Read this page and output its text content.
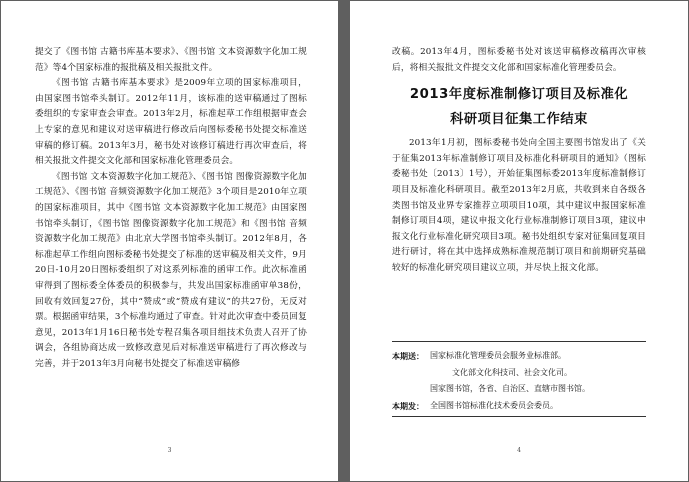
提交了《图书馆 古籍书库基本要求》、《图书馆 文本资源数字化加工规范》等4个国家标准的报批稿及相关报批文件。

《图书馆 古籍书库基本要求》是2009年立项的国家标准项目，由国家图书馆牵头制订。2012年11月，该标准的送审稿通过了图标委组织的专家审查会审查。2013年2月，标准起草工作组根据审查会上专家的意见和建议对送审稿进行修改后向图标委秘书处提交标准送审稿的修订稿。2013年3月，秘书处对该修订稿进行再次审查后，将相关报批文件提交文化部和国家标准化管理委员会。

《图书馆 文本资源数字化加工规范》、《图书馆 图像资源数字化加工规范》、《图书馆 音频资源数字化加工规范》3个项目是2010年立项的国家标准项目，其中《图书馆 文本资源数字化加工规范》由国家图书馆牵头制订，《图书馆 图像资源数字化加工规范》和《图书馆 音频资源数字化加工规范》由北京大学图书馆牵头制订。2012年8月，各标准起草工作组向图标委秘书处提交了标准的送审稿及相关文件，9月20日-10月20日图标委组织了对这系列标准的函审工作。此次标准函审得到了图标委全体委员的积极参与，共发出国家标准函审单38份，回收有效回复27份，其中“赞成”或“赞成有建议”的共27份，无反对票。根据函审结果，3个标准均通过了审查。针对此次审查中委员回复意见，2013年1月16日秘书处专程召集各项目组技术负责人召开了协调会，各组协商达成一致修改意见后对标准送审稿进行了再次修改与完善，并于2013年3月向秘书处提交了标准送审稿修

3

改稿。2013年4月，图标委秘书处对该送审稿修改稿再次审核后，将相关报批文件提交文化部和国家标准化管理委员会。

2013年度标准制修订项目及标准化
科研项目征集工作结束

2013年1月初，图标委秘书处向全国主要图书馆发出了《关于征集2013年标准制修订项目及标准化科研项目的通知》（图标委秘书处〔2013〕1号），开始征集图标委2013年度标准制修订项目及标准化科研项目。截至2013年2月底，共收到来自各级各类图书馆及业界专家推荐立项项目10项，其中建议申报国家标准制修订项目4项，建议申报文化行业标准制修订项目3项，建议申报文化行业标准化研究项目3项。秘书处组织专家对征集回复项目进行研讨，将在其中选择成熟标准规范制订项目和前期研究基础较好的标准化研究项目建议立项，并尽快上报文化部。

本期送： 国家标准化管理委员会服务业标准部。
文化部文化科技司、社会文化司。
国家图书馆，各省、自治区、直辖市图书馆。
本期发： 全国图书馆标准化技术委员会委员。
4
